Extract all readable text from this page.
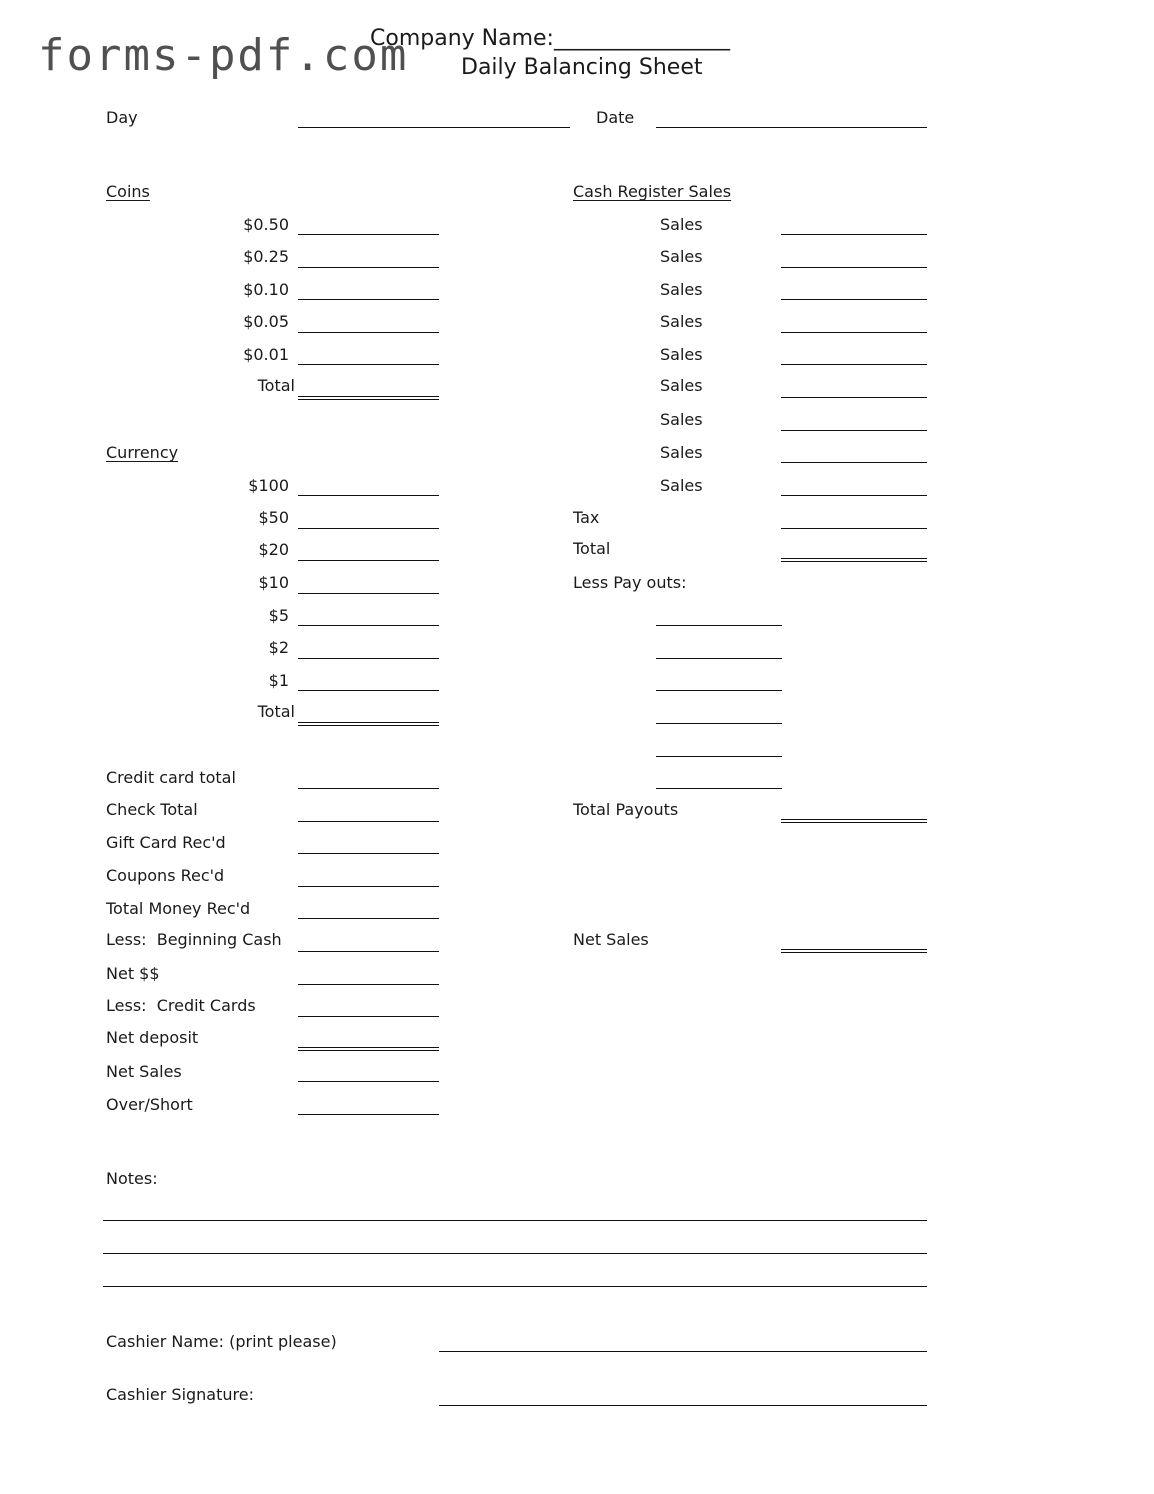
forms-pdf.com
Company Name:________________
Daily Balancing Sheet
Day	Date
Coins
$0.50
$0.25
$0.10
$0.05
$0.01
Total
Currency
$100
$50
$20
$10
$5
$2
$1
Total
Credit card total
Check Total
Gift Card Rec'd
Coupons Rec'd
Total Money Rec'd
Less:  Beginning Cash
Net $$
Less:  Credit Cards
Net deposit
Net Sales
Over/Short
Cash Register Sales
Sales
Sales
Sales
Sales
Sales
Sales
Sales
Sales
Sales
Tax
Total
Less Pay outs:
Total Payouts
Net Sales
Notes:
Cashier Name: (print please)
Cashier Signature:
